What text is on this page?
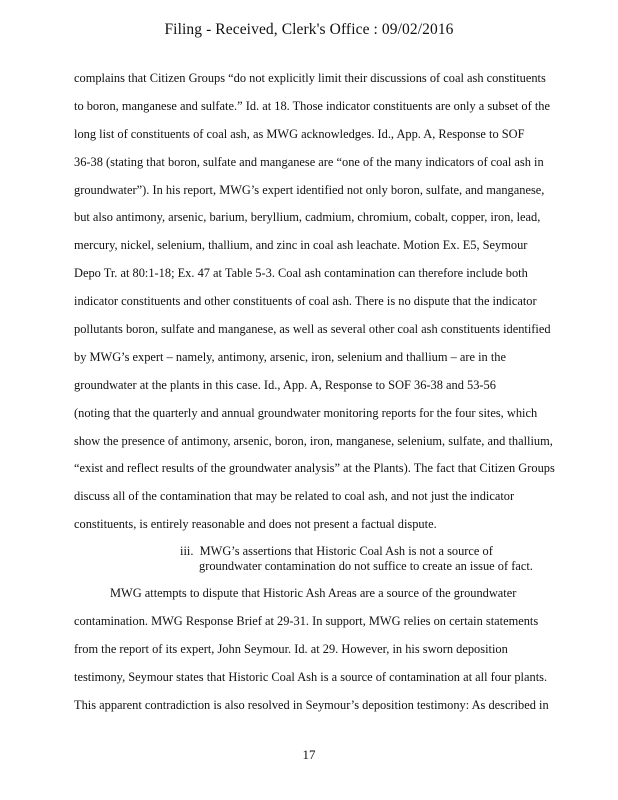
Filing - Received, Clerk's Office : 09/02/2016
complains that Citizen Groups “do not explicitly limit their discussions of coal ash constituents
to boron, manganese and sulfate.” Id. at 18. Those indicator constituents are only a subset of the
long list of constituents of coal ash, as MWG acknowledges. Id., App. A, Response to SOF
36-38 (stating that boron, sulfate and manganese are “one of the many indicators of coal ash in
groundwater”). In his report, MWG’s expert identified not only boron, sulfate, and manganese,
but also antimony, arsenic, barium, beryllium, cadmium, chromium, cobalt, copper, iron, lead,
mercury, nickel, selenium, thallium, and zinc in coal ash leachate. Motion Ex. E5, Seymour
Depo Tr. at 80:1-18; Ex. 47 at Table 5-3. Coal ash contamination can therefore include both
indicator constituents and other constituents of coal ash. There is no dispute that the indicator
pollutants boron, sulfate and manganese, as well as several other coal ash constituents identified
by MWG’s expert – namely, antimony, arsenic, iron, selenium and thallium – are in the
groundwater at the plants in this case. Id., App. A, Response to SOF 36-38 and 53-56
(noting that the quarterly and annual groundwater monitoring reports for the four sites, which
show the presence of antimony, arsenic, boron, iron, manganese, selenium, sulfate, and thallium,
“exist and reflect results of the groundwater analysis” at the Plants). The fact that Citizen Groups
discuss all of the contamination that may be related to coal ash, and not just the indicator
constituents, is entirely reasonable and does not present a factual dispute.
iii. MWG’s assertions that Historic Coal Ash is not a source of
groundwater contamination do not suffice to create an issue of fact.
MWG attempts to dispute that Historic Ash Areas are a source of the groundwater
contamination. MWG Response Brief at 29-31. In support, MWG relies on certain statements
from the report of its expert, John Seymour. Id. at 29. However, in his sworn deposition
testimony, Seymour states that Historic Coal Ash is a source of contamination at all four plants.
This apparent contradiction is also resolved in Seymour’s deposition testimony: As described in
17
